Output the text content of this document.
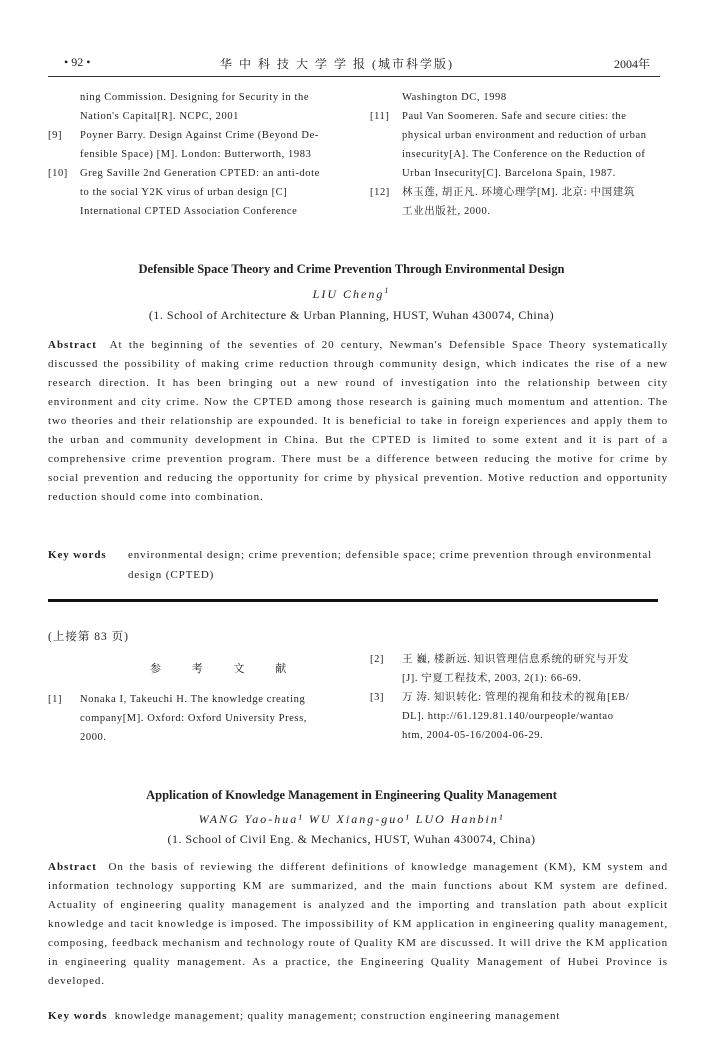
• 92 •	华 中 科 技 大 学 学 报 (城市科学版)	2004年
ning Commission. Designing for Security in the
Nation's Capital[R]. NCPC, 2001
[9] Poyner Barry. Design Against Crime (Beyond De-
fensible Space) [M]. London: Butterworth, 1983
[10] Greg Saville 2nd Generation CPTED: an anti-dote
to the social Y2K virus of urban design [C]
International CPTED Association Conference
Washington DC, 1998
[11] Paul Van Soomeren. Safe and secure cities: the
physical urban environment and reduction of urban
insecurity[A]. The Conference on the Reduction of
Urban Insecurity[C]. Barcelona Spain, 1987.
[12] 林玉莲, 胡正凡. 环境心理学[M]. 北京: 中国建筑
工业出版社, 2000.
Defensible Space Theory and Crime Prevention Through Environmental Design
LIU Cheng$^1$
(1. School of Architecture & Urban Planning, HUST, Wuhan 430074, China)
Abstract At the beginning of the seventies of 20 century, Newman's Defensible Space Theory systematically discussed the possibility of making crime reduction through community design, which indicates the rise of a new research direction. It has been bringing out a new round of investigation into the relationship between city environment and city crime. Now the CPTED among those research is gaining much momentum and attention. The two theories and their relationship are expounded. It is beneficial to take in foreign experiences and apply them to the urban and community development in China. But the CPTED is limited to some extent and it is part of a comprehensive crime prevention program. There must be a difference between reducing the motive for crime by social prevention and reducing the opportunity for crime by physical prevention. Motive reduction and opportunity reduction should come into combination.
Key words environmental design; crime prevention; defensible space; crime prevention through environmental design (CPTED)
(上接第 83 页)
参 考 文 献
[1] Nonaka I, Takeuchi H. The knowledge creating
company[M]. Oxford: Oxford University Press,
2000.
[2] 王 巍, 楼新远. 知识管理信息系统的研究与开发
[J]. 宁夏工程技术, 2003, 2(1): 66-69.
[3] 万 涛. 知识转化: 管理的视角和技术的视角[EB/
DL]. http://61.129.81.140/ourpeople/wantao
htm, 2004-05-16/2004-06-29.
Application of Knowledge Management in Engineering Quality Management
WANG Yao-hua¹ WU Xiang-guo¹ LUO Hanbin¹
(1. School of Civil Eng. & Mechanics, HUST, Wuhan 430074, China)
Abstract On the basis of reviewing the different definitions of knowledge management (KM), KM system and information technology supporting KM are summarized, and the main functions about KM system are defined. Actuality of engineering quality management is analyzed and the importing and translation path about explicit knowledge and tacit knowledge is imposed. The impossibility of KM application in engineering quality management, composing, feedback mechanism and technology route of Quality KM are discussed. It will drive the KM application in engineering quality management. As a practice, the Engineering Quality Management of Hubei Province is developed.
Key words knowledge management; quality management; construction engineering management
